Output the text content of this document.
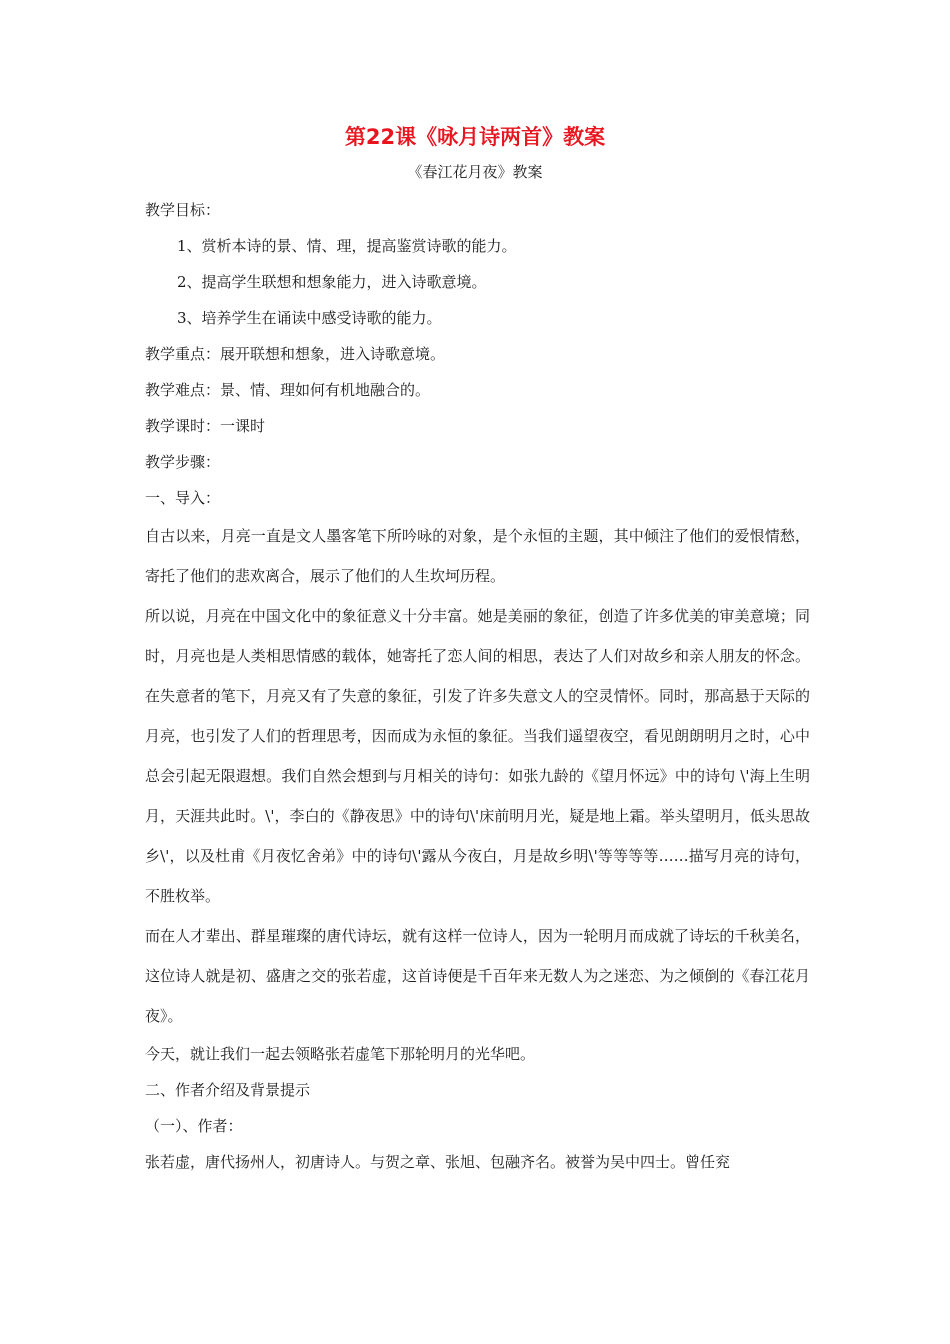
第22课《咏月诗两首》教案
《春江花月夜》教案
教学目标：
1、赏析本诗的景、情、理，提高鉴赏诗歌的能力。
2、提高学生联想和想象能力，进入诗歌意境。
3、培养学生在诵读中感受诗歌的能力。
教学重点：展开联想和想象，进入诗歌意境。
教学难点：景、情、理如何有机地融合的。
教学课时：一课时
教学步骤：
一、导入：
自古以来，月亮一直是文人墨客笔下所吟咏的对象，是个永恒的主题，其中倾注了他们的爱恨情愁，寄托了他们的悲欢离合，展示了他们的人生坎坷历程。
所以说，月亮在中国文化中的象征意义十分丰富。她是美丽的象征，创造了许多优美的审美意境；同时，月亮也是人类相思情感的载体，她寄托了恋人间的相思，表达了人们对故乡和亲人朋友的怀念。在失意者的笔下，月亮又有了失意的象征，引发了许多失意文人的空灵情怀。同时，那高悬于天际的月亮，也引发了人们的哲理思考，因而成为永恒的象征。当我们遥望夜空，看见朗朗明月之时，心中总会引起无限遐想。我们自然会想到与月相关的诗句：如张九龄的《望月怀远》中的诗句 \'海上生明月，天涯共此时。\'，李白的《静夜思》中的诗句\'床前明月光，疑是地上霜。举头望明月，低头思故乡\'，以及杜甫《月夜忆舍弟》中的诗句\'露从今夜白，月是故乡明\'等等等等……描写月亮的诗句，不胜枚举。
而在人才辈出、群星璀璨的唐代诗坛，就有这样一位诗人，因为一轮明月而成就了诗坛的千秋美名，这位诗人就是初、盛唐之交的张若虚，这首诗便是千百年来无数人为之迷恋、为之倾倒的《春江花月夜》。
今天，就让我们一起去领略张若虚笔下那轮明月的光华吧。
二、作者介绍及背景提示
（一）、作者：
张若虚，唐代扬州人，初唐诗人。与贺之章、张旭、包融齐名。被誉为吴中四士。曾任兖
